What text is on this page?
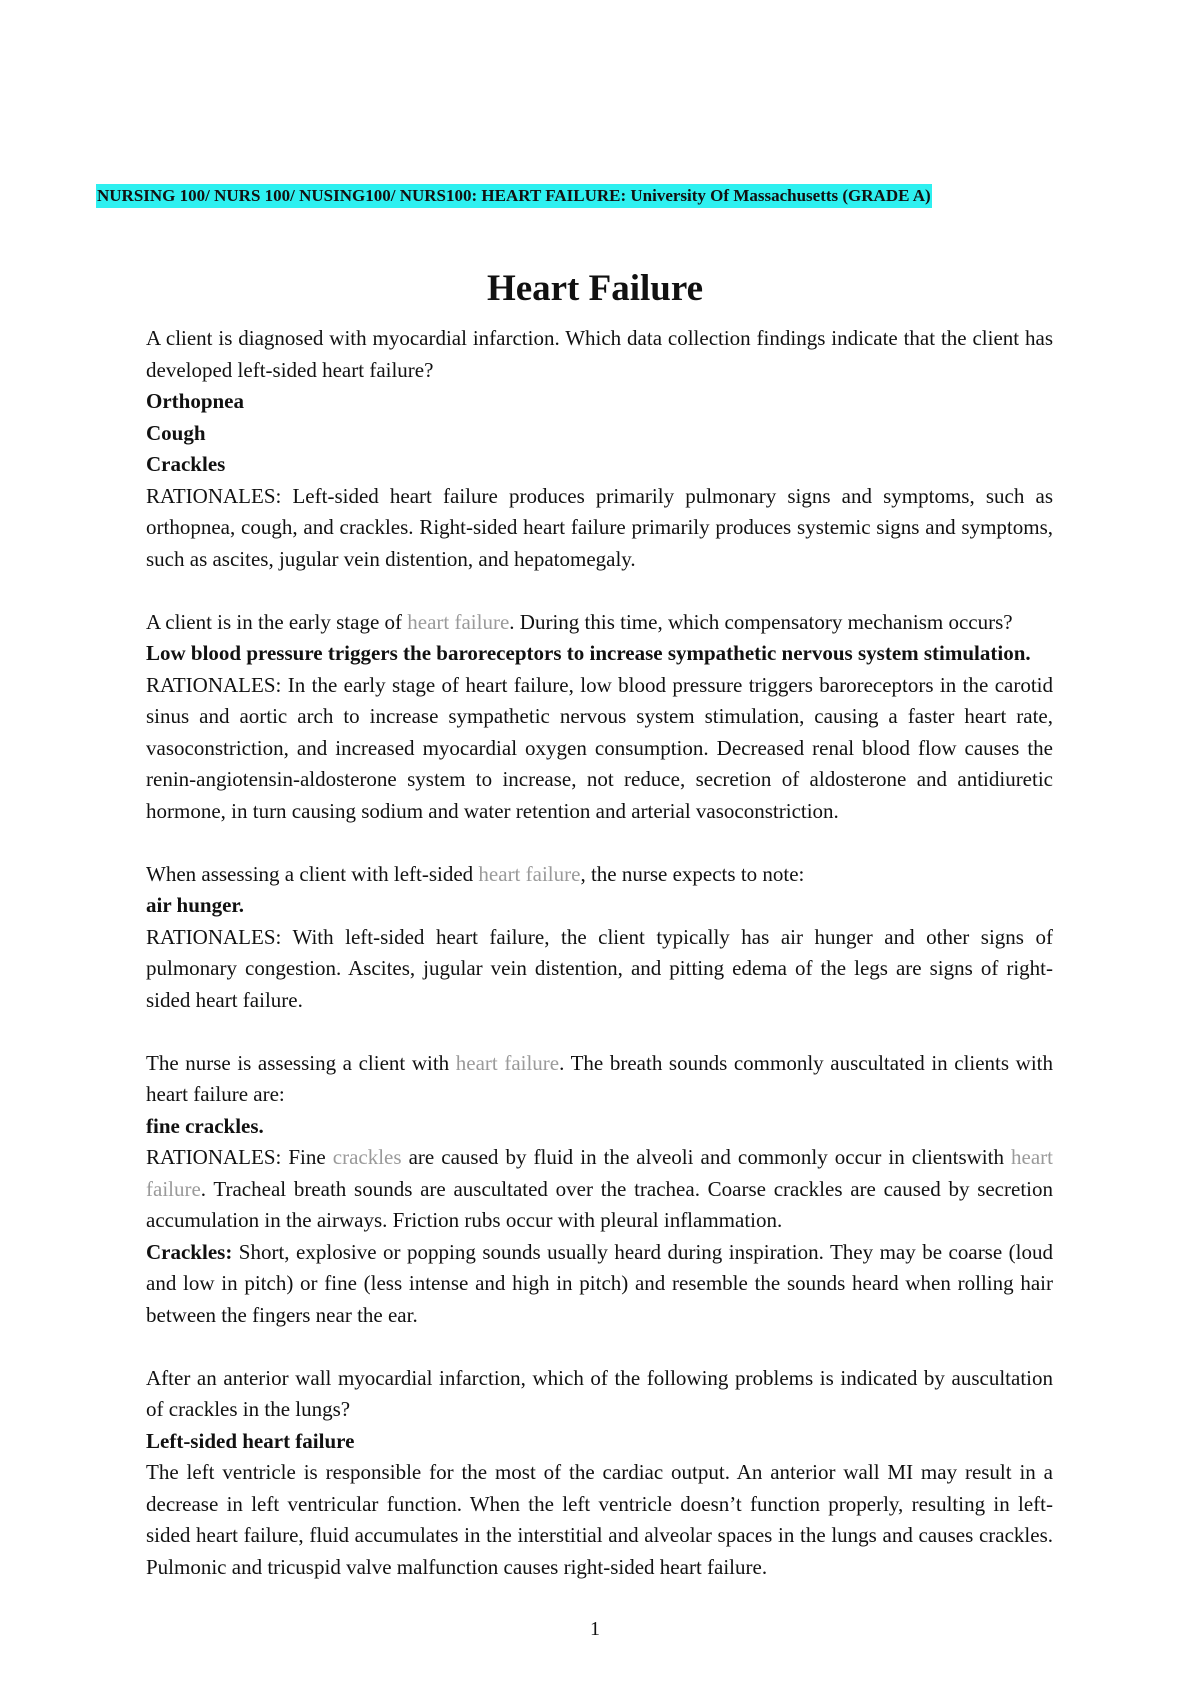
NURSING 100/ NURS 100/ NUSING100/ NURS100: HEART FAILURE: University Of Massachusetts (GRADE A)
Heart Failure

A client is diagnosed with myocardial infarction. Which data collection findings indicate that the client has developed left-sided heart failure?

Orthopnea

Cough

Crackles

RATIONALES: Left-sided heart failure produces primarily pulmonary signs and symptoms, such as orthopnea, cough, and crackles. Right-sided heart failure primarily produces systemic signs and symptoms, such as ascites, jugular vein distention, and hepatomegaly.

A client is in the early stage of heart failure. During this time, which compensatory mechanism occurs?

Low blood pressure triggers the baroreceptors to increase sympathetic nervous system stimulation.

RATIONALES: In the early stage of heart failure, low blood pressure triggers baroreceptors in the carotid sinus and aortic arch to increase sympathetic nervous system stimulation, causing a faster heart rate, vasoconstriction, and increased myocardial oxygen consumption. Decreased renal blood flow causes the renin-angiotensin-aldosterone system to increase, not reduce, secretion of aldosterone and antidiuretic hormone, in turn causing sodium and water retention and arterial vasoconstriction.

When assessing a client with left-sided heart failure, the nurse expects to note:

air hunger.

RATIONALES: With left-sided heart failure, the client typically has air hunger and other signs of pulmonary congestion. Ascites, jugular vein distention, and pitting edema of the legs are signs of right-sided heart failure.

The nurse is assessing a client with heart failure. The breath sounds commonly auscultated in clients with heart failure are:

fine crackles.

RATIONALES: Fine crackles are caused by fluid in the alveoli and commonly occur in clientswith heart failure. Tracheal breath sounds are auscultated over the trachea. Coarse crackles are caused by secretion accumulation in the airways. Friction rubs occur with pleural inflammation.

Crackles: Short, explosive or popping sounds usually heard during inspiration. They may be coarse (loud and low in pitch) or fine (less intense and high in pitch) and resemble the sounds heard when rolling hair between the fingers near the ear.

After an anterior wall myocardial infarction, which of the following problems is indicated by auscultation of crackles in the lungs?

Left-sided heart failure

The left ventricle is responsible for the most of the cardiac output. An anterior wall MI may result in a decrease in left ventricular function. When the left ventricle doesn’t function properly, resulting in left-sided heart failure, fluid accumulates in the interstitial and alveolar spaces in the lungs and causes crackles. Pulmonic and tricuspid valve malfunction causes right-sided heart failure.

1
